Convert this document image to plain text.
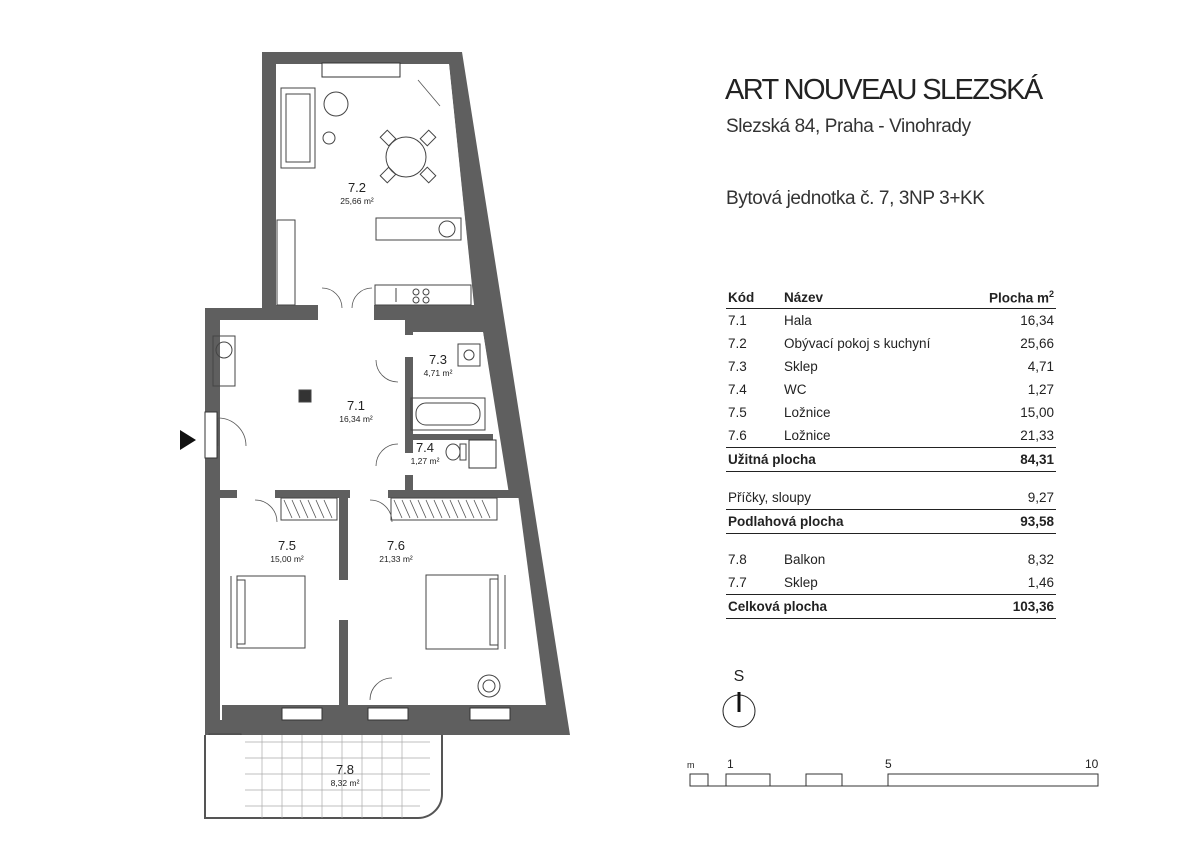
7.2
25,66 m²
7.3
4,71 m²
7.1
16,34 m²
7.4
1,27 m²
7.5
15,00 m²
7.6
21,33 m²
7.8
8,32 m²
S
m	1	5	10
ART NOUVEAU SLEZSKÁ
Slezská 84, Praha - Vinohrady
Bytová jednotka č. 7, 3NP 3+KK
Kód	Název	Plocha $m^2$
7.1	Hala	16,34
7.2	Obývací pokoj s kuchyní	25,66
7.3	Sklep	4,71
7.4	WC	1,27
7.5	Ložnice	15,00
7.6	Ložnice	21,33
Užitná plocha		84,31

Příčky, sloupy		9,27
Podlahová plocha		93,58

7.8	Balkon	8,32
7.7	Sklep	1,46
Celková plocha		103,36
